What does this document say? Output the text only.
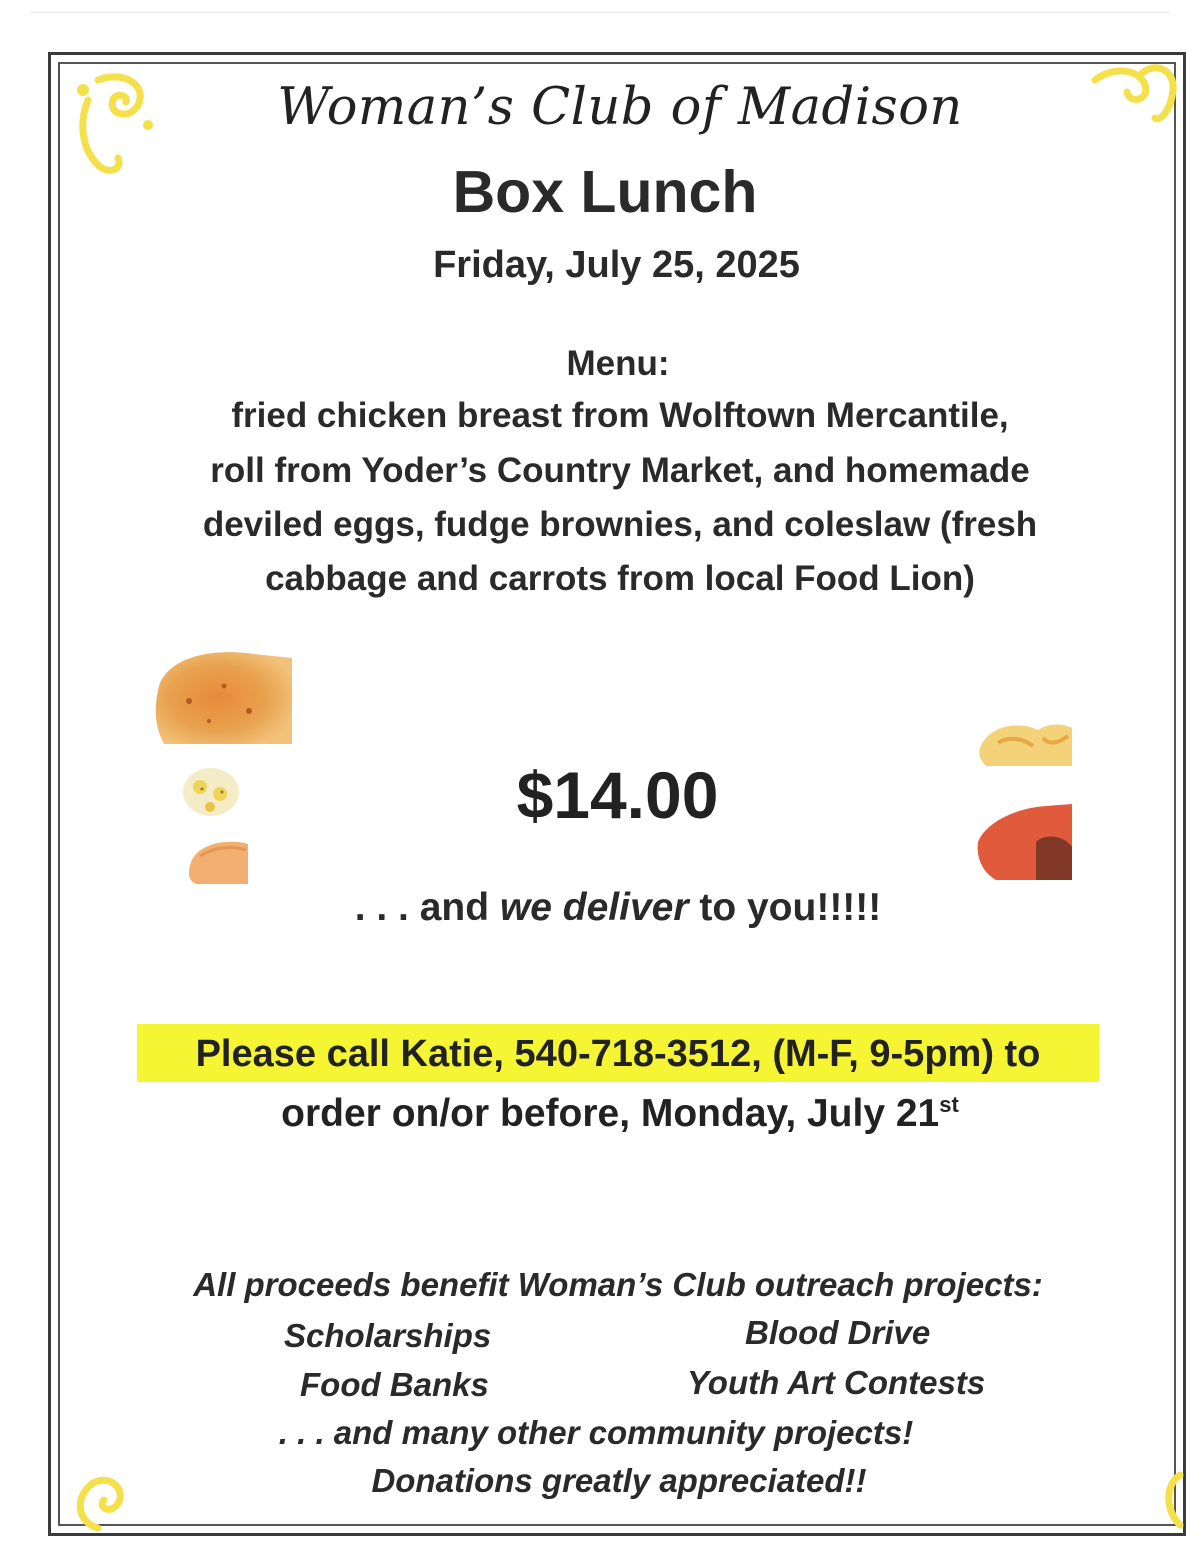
Woman’s Club of Madison
Box Lunch
Friday, July 25, 2025
Menu:
fried chicken breast from Wolftown Mercantile,
roll from Yoder’s Country Market, and homemade
deviled eggs, fudge brownies, and coleslaw (fresh
cabbage and carrots from local Food Lion)
$14.00
. . . and we deliver to you!!!!!
Please call Katie, 540-718-3512, (M-F, 9-5pm) to
order on/or before, Monday, July 21st
All proceeds benefit Woman’s Club outreach projects:
Scholarships	Blood Drive
Food Banks	Youth Art Contests
. . . and many other community projects!
Donations greatly appreciated!!
